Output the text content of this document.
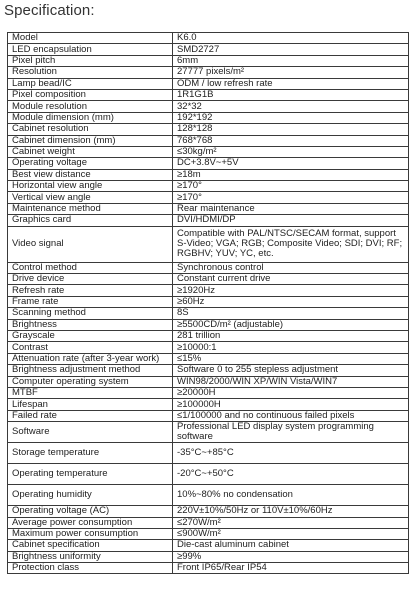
Specification:
Model	K6.0
LED encapsulation	SMD2727
Pixel pitch	6mm
Resolution	27777 pixels/m²
Lamp bead/IC	ODM / low refresh rate
Pixel composition	1R1G1B
Module resolution	32*32
Module dimension (mm)	192*192
Cabinet resolution	128*128
Cabinet dimension (mm)	768*768
Cabinet weight	≤30kg/m²
Operating voltage	DC+3.8V~+5V
Best view distance	≥18m
Horizontal view angle	≥170°
Vertical view angle	≥170°
Maintenance method	Rear maintenance
Graphics card	DVI/HDMI/DP
Video signal	Compatible with PAL/NTSC/SECAM format, support S-Video; VGA; RGB; Composite Video; SDI; DVI; RF; RGBHV; YUV; YC, etc.
Control method	Synchronous control
Drive device	Constant current drive
Refresh rate	≥1920Hz
Frame rate	≥60Hz
Scanning method	8S
Brightness	≥5500CD/m² (adjustable)
Grayscale	281 trillion
Contrast	≥10000:1
Attenuation rate (after 3-year work)	≤15%
Brightness adjustment method	Software 0 to 255 stepless adjustment
Computer operating system	WIN98/2000/WIN XP/WIN Vista/WIN7
MTBF	≥20000H
Lifespan	≥100000H
Failed rate	≤1/100000 and no continuous failed pixels
Software	Professional LED display system programming software
Storage temperature	-35°C~+85°C
Operating temperature	-20°C~+50°C
Operating humidity	10%~80% no condensation
Operating voltage (AC)	220V±10%/50Hz or 110V±10%/60Hz
Average power consumption	≤270W/m²
Maximum power consumption	≤900W/m²
Cabinet specification	Die-cast aluminum cabinet
Brightness uniformity	≥99%
Protection class	Front IP65/Rear IP54
